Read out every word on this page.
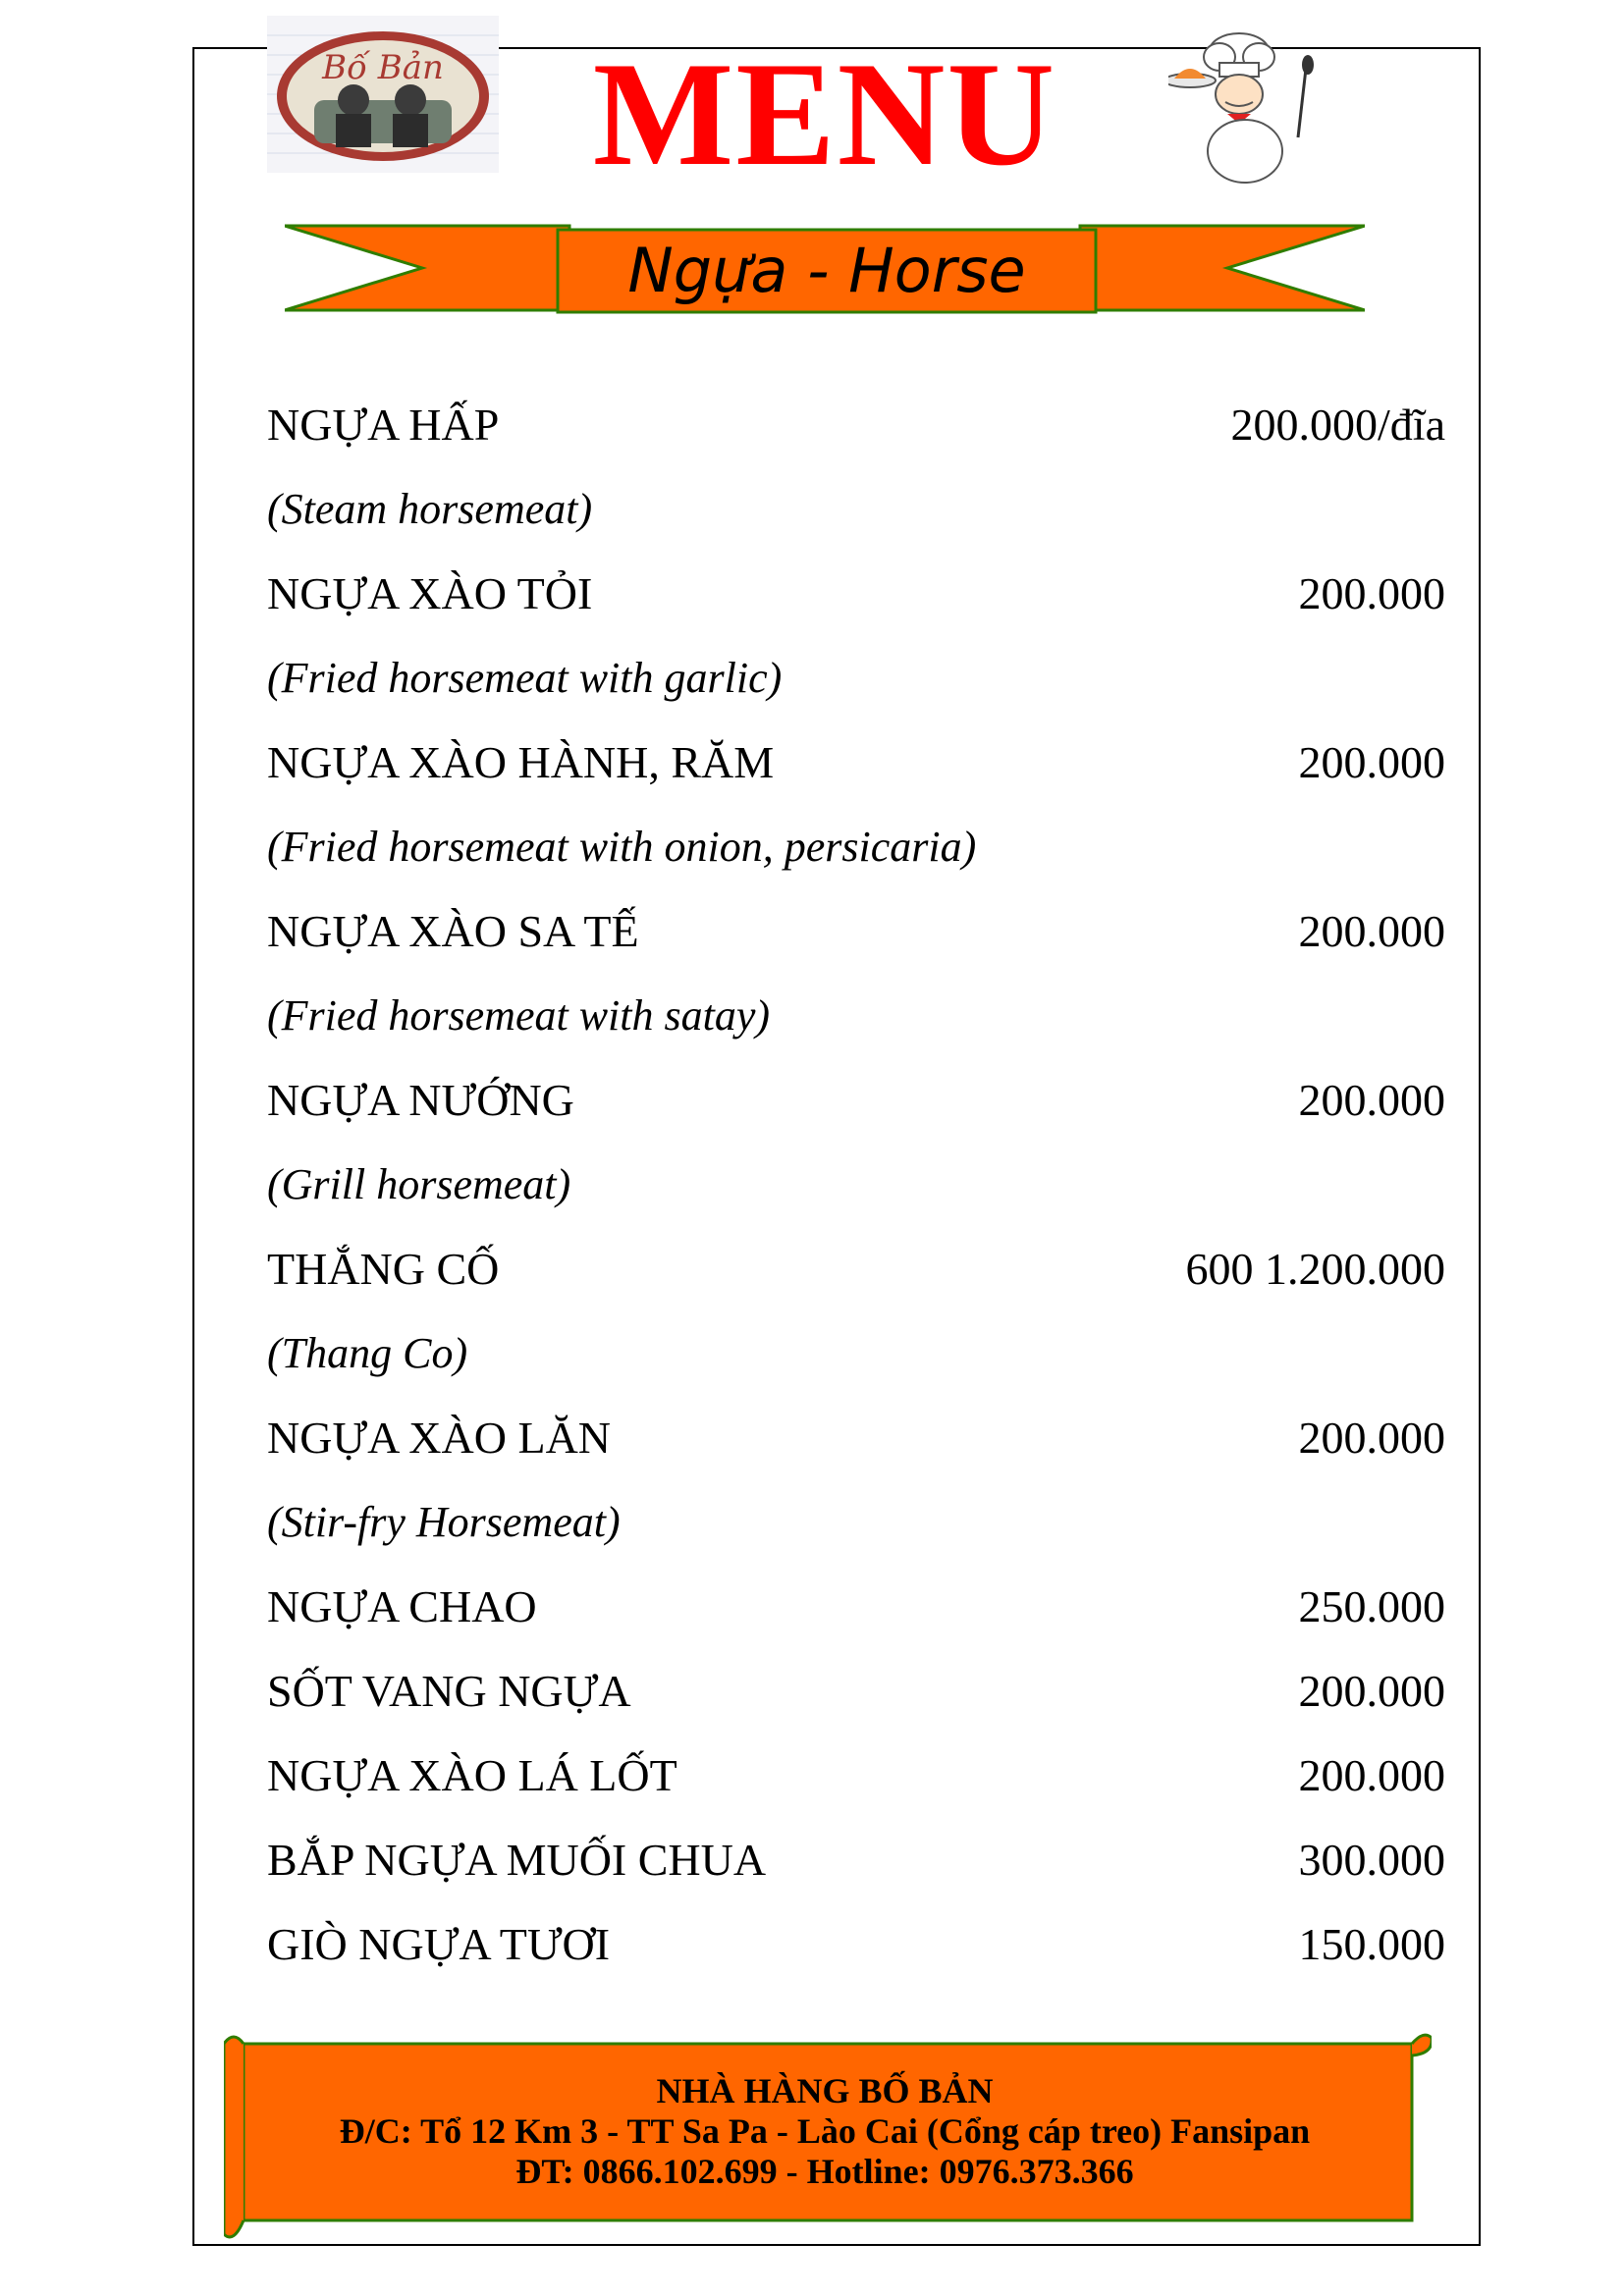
Bố Bản MENU
Ngựa - Horse
NGỰA HẤP	200.000/đĩa
(Steam horsemeat)
NGỰA XÀO TỎI	200.000
(Fried horsemeat with garlic)
NGỰA XÀO HÀNH, RĂM	200.000
(Fried horsemeat with onion, persicaria)
NGỰA XÀO SA TẾ	200.000
(Fried horsemeat with satay)
NGỰA NƯỚNG	200.000
(Grill horsemeat)
THẮNG CỐ	600 1.200.000
(Thang Co)
NGỰA XÀO LĂN	200.000
(Stir-fry Horsemeat)
NGỰA CHAO	250.000
SỐT VANG NGỰA	200.000
NGỰA XÀO LÁ LỐT	200.000
BẮP NGỰA MUỐI CHUA	300.000
GIÒ NGỰA TƯƠI	150.000
NHÀ HÀNG BỐ BẢN
Đ/C: Tổ 12 Km 3 - TT Sa Pa - Lào Cai (Cổng cáp treo) Fansipan
ĐT: 0866.102.699 - Hotline: 0976.373.366
